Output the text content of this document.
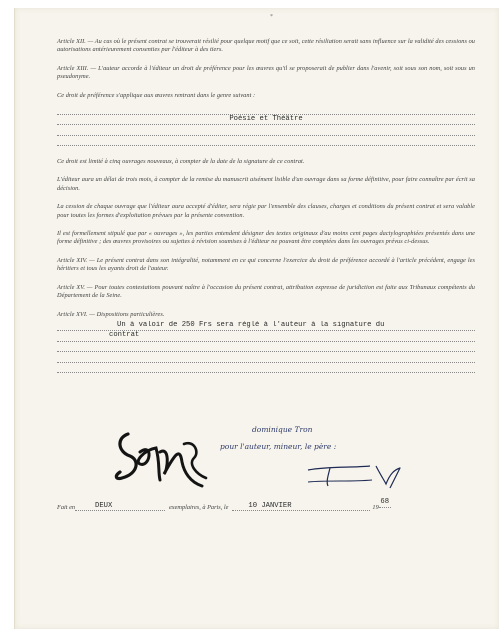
*

Article XII. — Au cas où le présent contrat se trouverait résilié pour quelque motif que ce soit, cette résiliation serait sans influence sur la validité des cessions ou autorisations antérieurement consenties par l'éditeur à des tiers.

Article XIII. — L'auteur accorde à l'éditeur un droit de préférence pour les œuvres qu'il se proposerait de publier dans l'avenir, soit sous son nom, soit sous un pseudonyme.

Ce droit de préférence s'applique aux œuvres rentrant dans le genre suivant :

Poésie et Théâtre

Ce droit est limité à cinq ouvrages nouveaux, à compter de la date de la signature de ce contrat.

L'éditeur aura un délai de trois mois, à compter de la remise du manuscrit aisément lisible d'un ouvrage dans sa forme définitive, pour faire connaître par écrit sa décision.

La cession de chaque ouvrage que l'éditeur aura accepté d'éditer, sera régie par l'ensemble des clauses, charges et conditions du présent contrat et sera valable pour toutes les formes d'exploitation prévues par la présente convention.

Il est formellement stipulé que par « ouvrages », les parties entendent désigner des textes originaux d'au moins cent pages dactylographiées présentés dans une forme définitive ; des œuvres provisoires ou sujettes à révision soumises à l'éditeur ne pouvant être comptées dans les ouvrages prévus ci-dessus.

Article XIV. — Le présent contrat dans son intégralité, notamment en ce qui concerne l'exercice du droit de préférence accordé à l'article précédent, engage les héritiers et tous les ayants droit de l'auteur.

Article XV. — Pour toutes contestations pouvant naître à l'occasion du présent contrat, attribution expresse de juridiction est faite aux Tribunaux compétents du Département de la Seine.

Article XVI. — Dispositions particulières.

Un à valoir de 250 Frs sera réglé à l'auteur à la signature du
contrat
dominique Tron
pour l'auteur, mineur, le père :
Fait en	DEUX	exemplaires, à Paris, le	10 JANVIER	19
68
